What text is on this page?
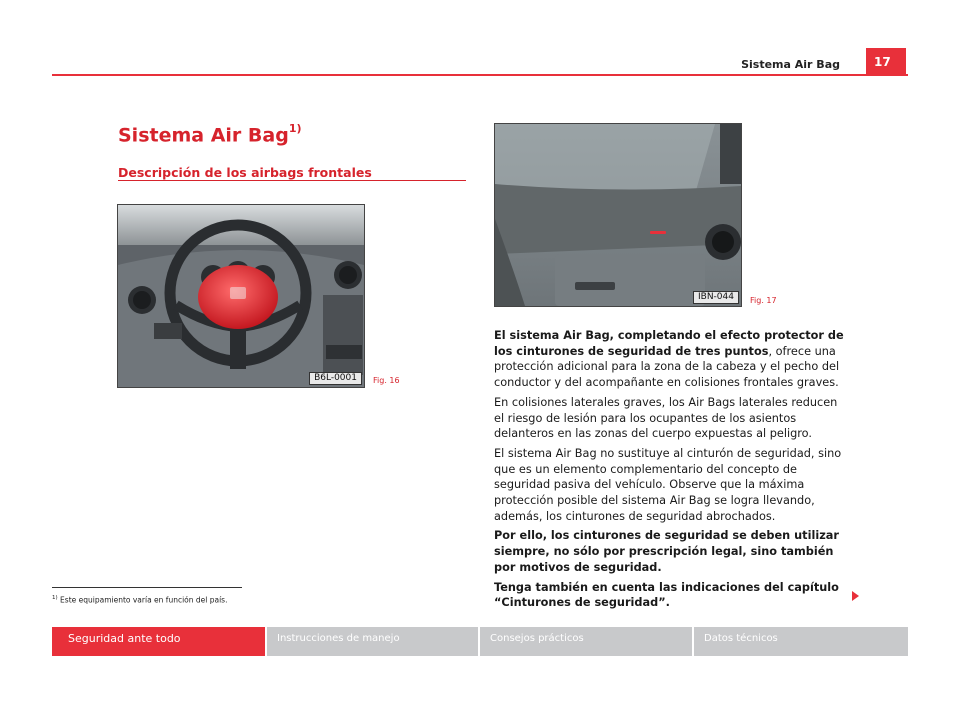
Sistema Air Bag	17
Sistema Air Bag$^{1)}$
Descripción de los airbags frontales
B6L-0001	Fig. 16
IBN-044	Fig. 17

El sistema Air Bag, completando el efecto protector de los cinturones de seguridad de tres puntos, ofrece una protección adicional para la zona de la cabeza y el pecho del conductor y del acompañante en colisiones frontales graves.

En colisiones laterales graves, los Air Bags laterales reducen el riesgo de lesión para los ocupantes de los asientos delanteros en las zonas del cuerpo expuestas al peligro.

El sistema Air Bag no sustituye al cinturón de seguridad, sino que es un elemento complementario del concepto de seguridad pasiva del vehículo. Observe que la máxima protección posible del sistema Air Bag se logra llevando, además, los cinturones de seguridad abrochados.

Por ello, los cinturones de seguridad se deben utilizar siempre, no sólo por prescripción legal, sino también por motivos de seguridad.

Tenga también en cuenta las indicaciones del capítulo “Cinturones de seguridad”.

$^{1)}$ Este equipamiento varía en función del país.
Seguridad ante todo	Instrucciones de manejo	Consejos prácticos	Datos técnicos
